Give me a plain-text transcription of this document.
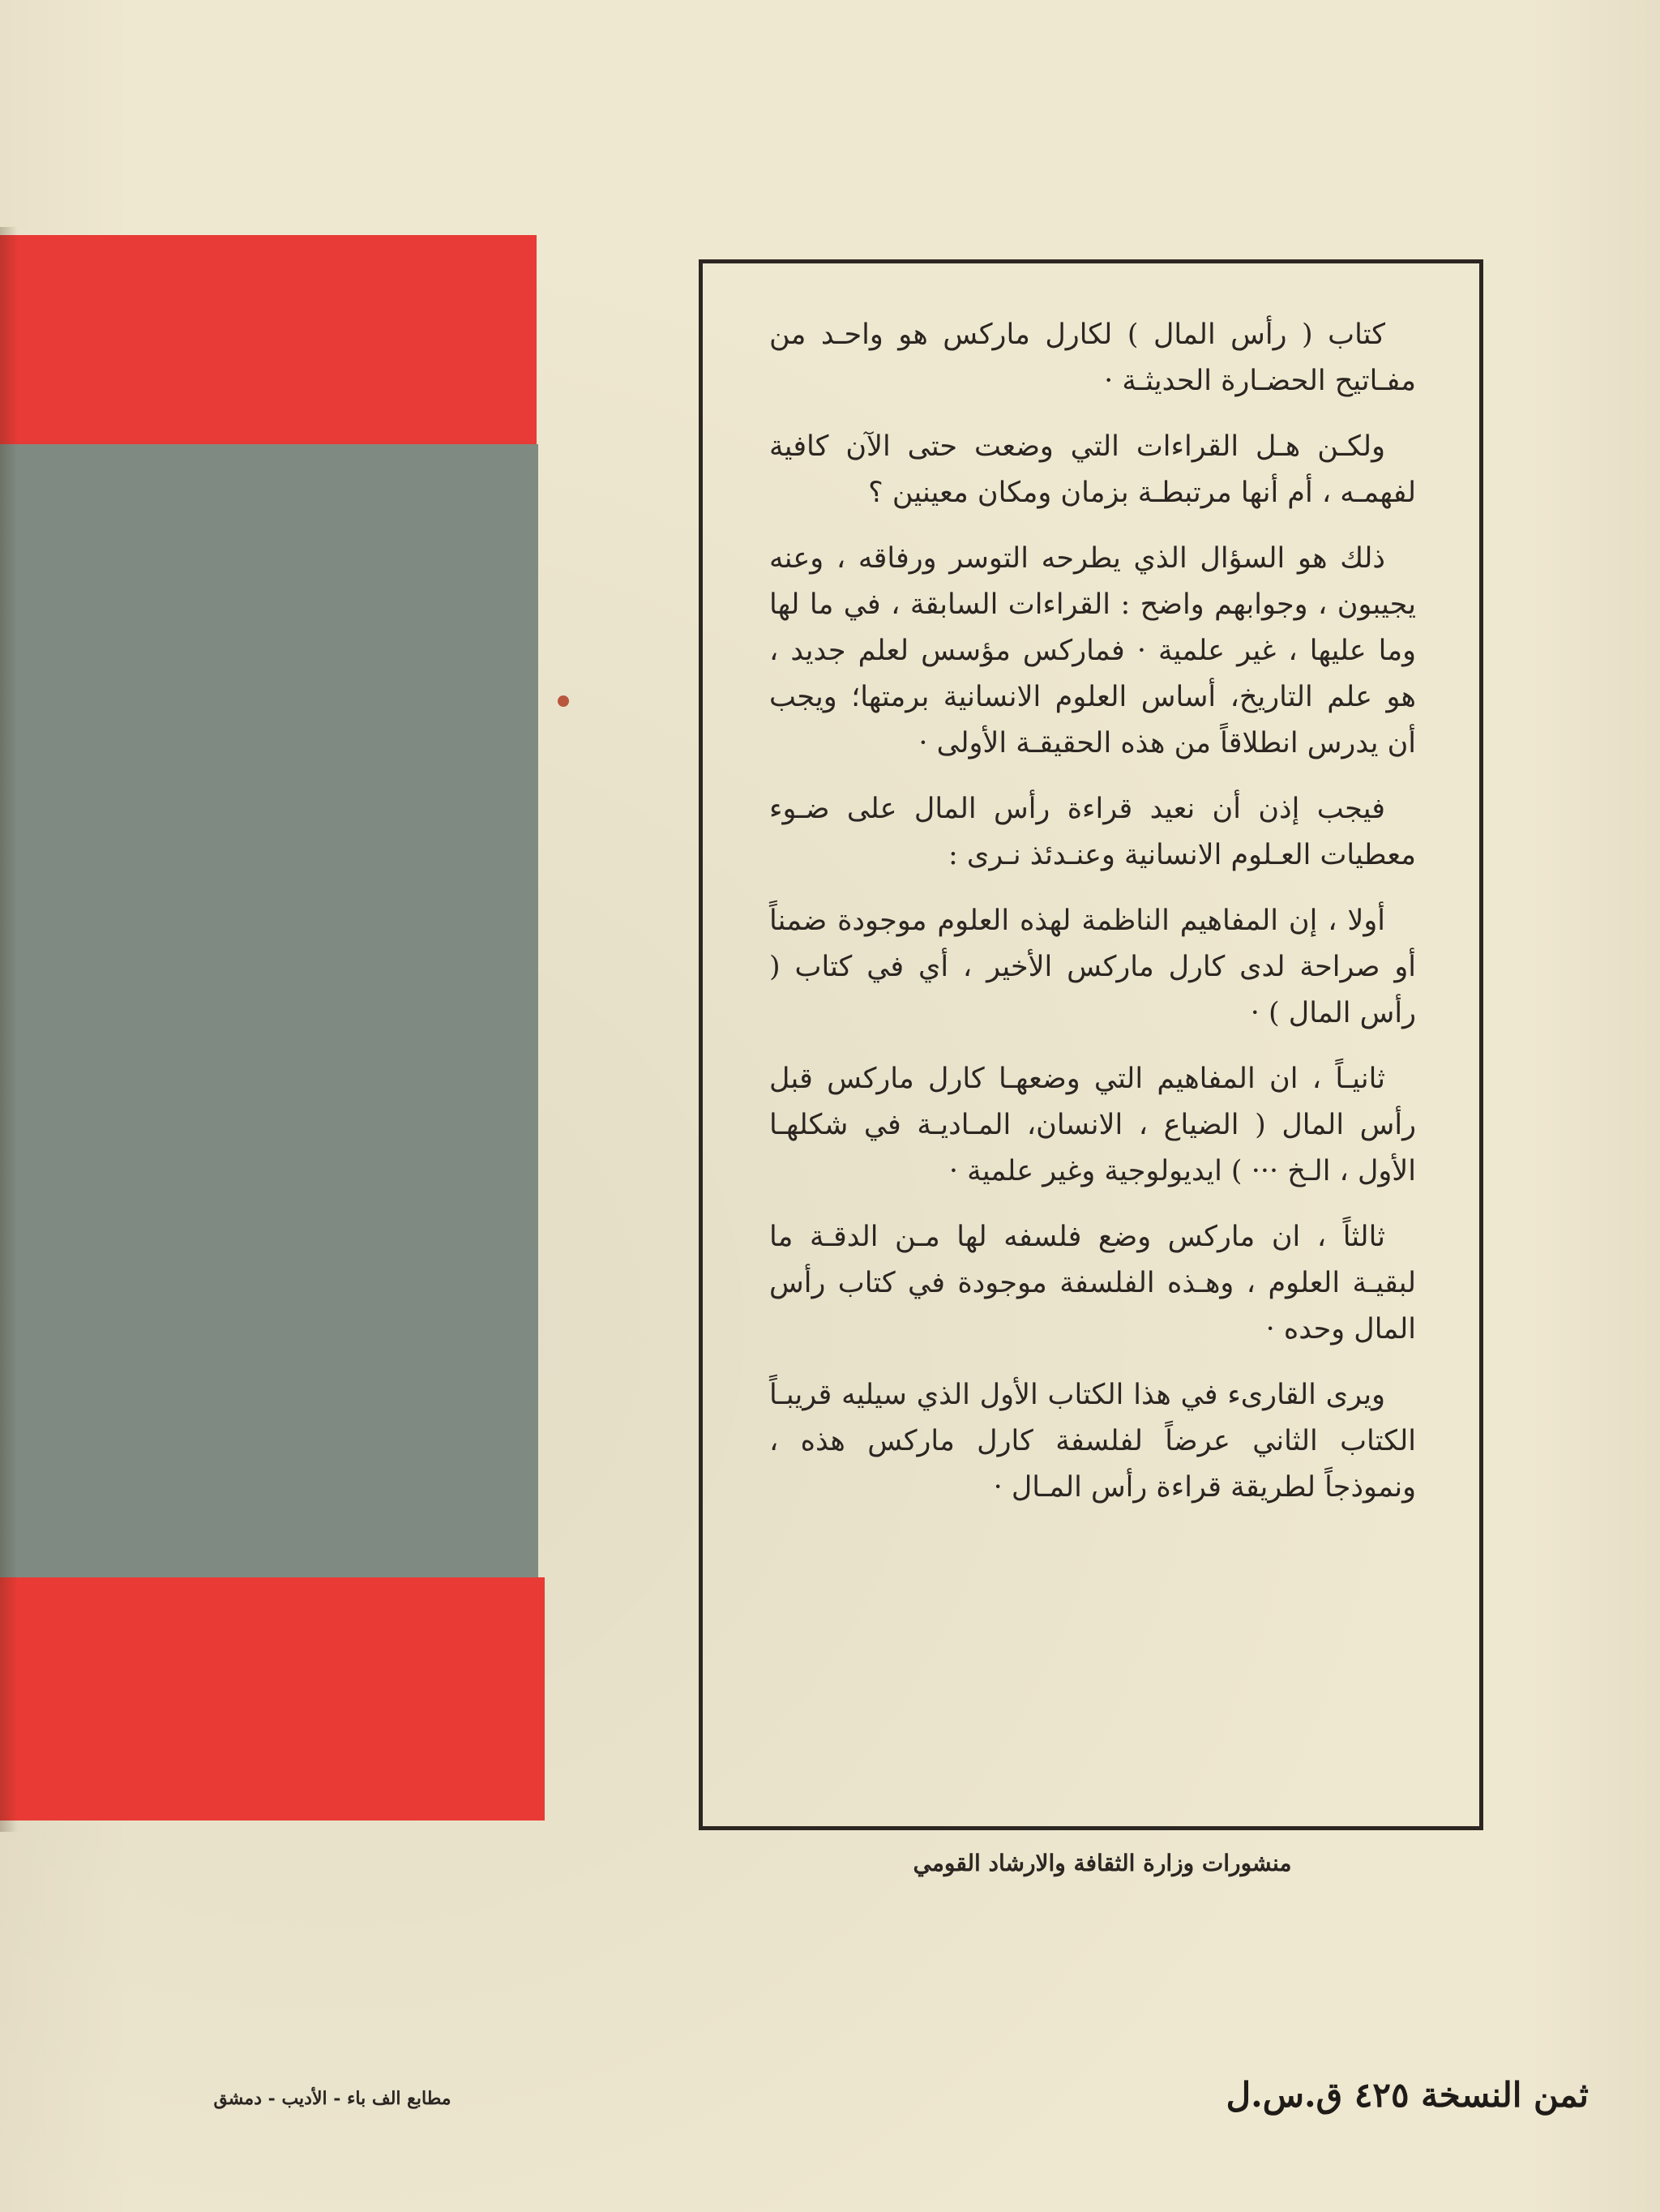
كتاب ( رأس المال ) لكارل ماركس هو واحـد من مفـاتيح الحضـارة الحديثـة ·

ولكـن هـل القراءات التي وضعت حتى الآن كافية لفهمـه ، أم أنها مرتبطـة بزمان ومكان معينين ؟

ذلك هو السؤال الذي يطرحه التوسر ورفاقه ، وعنه يجيبون ، وجوابهم واضح : القراءات السابقة ، في ما لها وما عليها ، غير علمية · فماركس مؤسس لعلم جديد ، هو علم التاريخ، أساس العلوم الانسانية برمتها؛ ويجب أن يدرس انطلاقاً من هذه الحقيقـة الأولى ·

فيجب إذن أن نعيد قراءة رأس المال على ضـوء معطيات العـلوم الانسانية وعنـدئذ نـرى :

أولا ، إن المفاهيم الناظمة لهذه العلوم موجودة ضمناً أو صراحة لدى كارل ماركس الأخير ، أي في كتاب ( رأس المال ) ·

ثانيـاً ، ان المفاهيم التي وضعهـا كارل ماركس قبل رأس المال ( الضياع ، الانسان، المـاديـة في شكلهـا الأول ، الـخ ··· ) ايديولوجية وغير علمية ·

ثالثاً ، ان ماركس وضع فلسفه لها مـن الدقـة ما لبقيـة العلوم ، وهـذه الفلسفة موجودة في كتاب رأس المال وحده ·

ويرى القارىء في هذا الكتاب الأول الذي سيليه قريبـاً الكتاب الثاني عرضاً لفلسفة كارل ماركس هذه ، ونموذجاً لطريقة قراءة رأس المـال ·

منشورات وزارة الثقافة والارشاد القومي
مطابع الف باء - الأديب - دمشق	ثمن النسخة ٤٢٥ ق.س.ل
